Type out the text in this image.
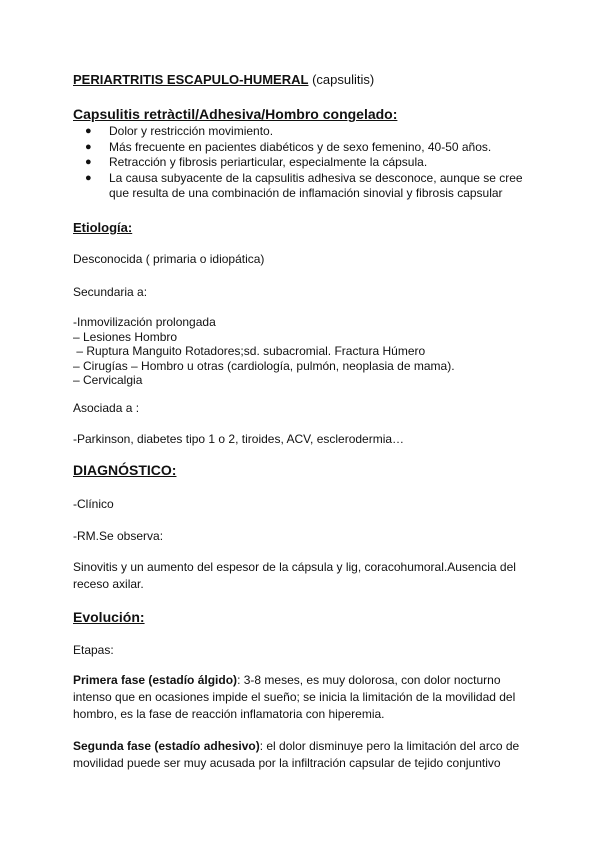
PERIARTRITIS ESCAPULO-HUMERAL (capsulitis)
Capsulitis retràctil/Adhesiva/Hombro congelado:
● Dolor y restricción movimiento.
● Más frecuente en pacientes diabéticos y de sexo femenino, 40-50 años.
● Retracción y fibrosis periarticular, especialmente la cápsula.
● La causa subyacente de la capsulitis adhesiva se desconoce, aunque se cree que resulta de una combinación de inflamación sinovial y fibrosis capsular
Etiología:
Desconocida ( primaria o idiopática)
Secundaria a:
-Inmovilización prolongada
– Lesiones Hombro
– Ruptura Manguito Rotadores;sd. subacromial. Fractura Húmero
– Cirugías – Hombro u otras (cardiología, pulmón, neoplasia de mama).
– Cervicalgia
Asociada a :
-Parkinson, diabetes tipo 1 o 2, tiroides, ACV, esclerodermia…
DIAGNÓSTICO:
-Clínico
-RM.Se observa:
Sinovitis y un aumento del espesor de la cápsula y lig, coracohumoral.Ausencia del receso axilar.
Evolución:
Etapas:
Primera fase (estadío álgido): 3-8 meses, es muy dolorosa, con dolor nocturno intenso que en ocasiones impide el sueño; se inicia la limitación de la movilidad del hombro, es la fase de reacción inflamatoria con hiperemia.
Segunda fase (estadío adhesivo): el dolor disminuye pero la limitación del arco de movilidad puede ser muy acusada por la infiltración capsular de tejido conjuntivo
